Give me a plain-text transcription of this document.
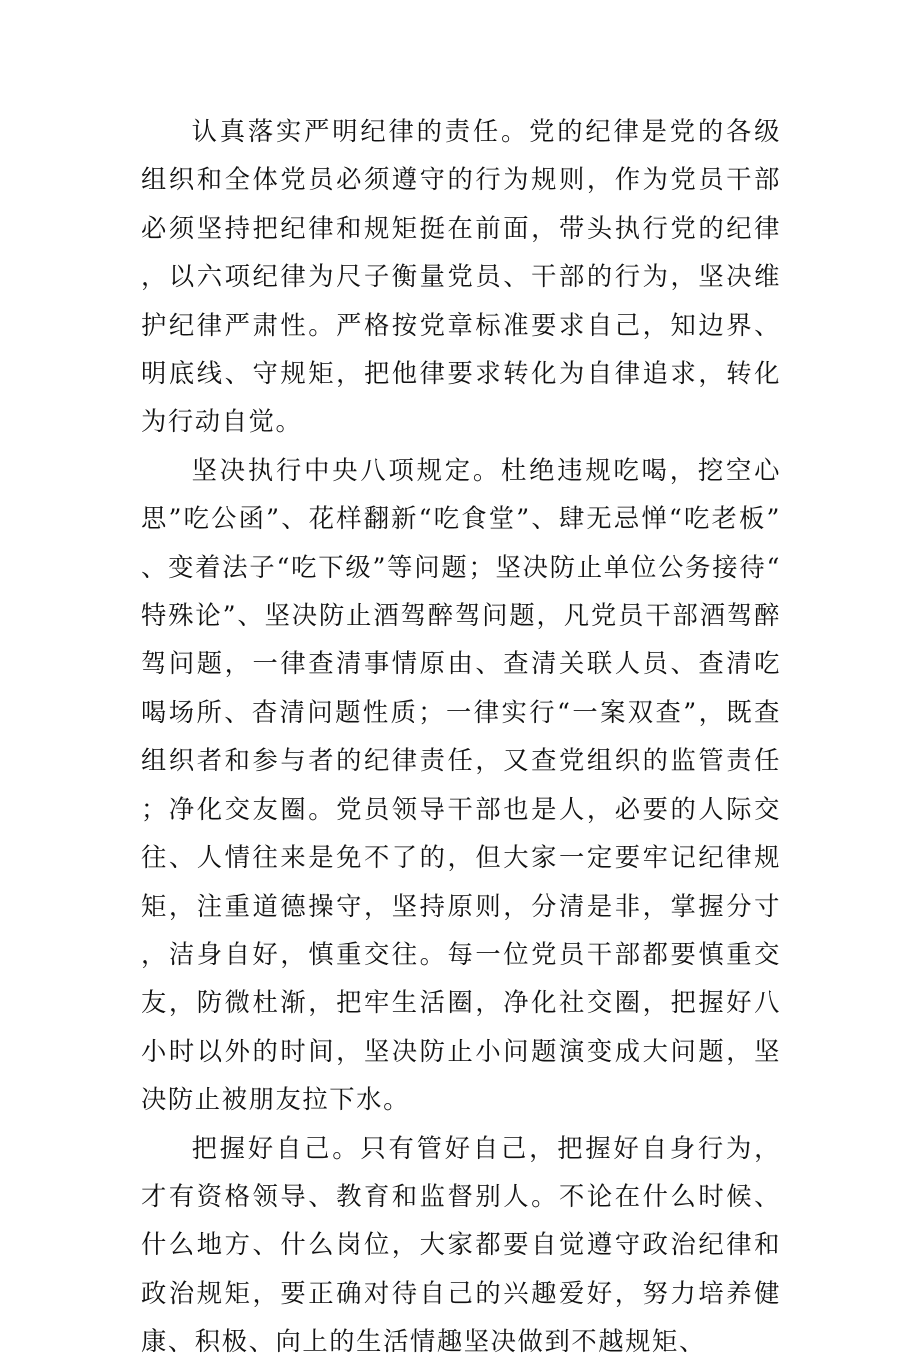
认真落实严明纪律的责任。党的纪律是党的各级组织和全体党员必须遵守的行为规则，作为党员干部必须坚持把纪律和规矩挺在前面，带头执行党的纪律，以六项纪律为尺子衡量党员、干部的行为，坚决维护纪律严肃性。严格按党章标准要求自己，知边界、明底线、守规矩，把他律要求转化为自律追求，转化为行动自觉。

坚决执行中央八项规定。杜绝违规吃喝，挖空心思”吃公函”、花样翻新“吃食堂”、肆无忌惮“吃老板”、变着法子“吃下级”等问题；坚决防止单位公务接待“特殊论”、坚决防止酒驾醉驾问题，凡党员干部酒驾醉驾问题，一律查清事情原由、查清关联人员、查清吃喝场所、杳清问题性质；一律实行“一案双查”，既查组织者和参与者的纪律责任，又查党组织的监管责任；净化交友圈。党员领导干部也是人，必要的人际交往、人情往来是免不了的，但大家一定要牢记纪律规矩，注重道德操守，坚持原则，分清是非，掌握分寸，洁身自好，慎重交往。每一位党员干部都要慎重交友，防微杜渐，把牢生活圈，净化社交圈，把握好八小时以外的时间，坚决防止小问题演变成大问题，坚决防止被朋友拉下水。

把握好自己。只有管好自己，把握好自身行为，才有资格领导、教育和监督别人。不论在什么时候、什么地方、什么岗位，大家都要自觉遵守政治纪律和政治规矩，要正确对待自己的兴趣爱好，努力培养健康、积极、向上的生活情趣坚决做到不越规矩、
